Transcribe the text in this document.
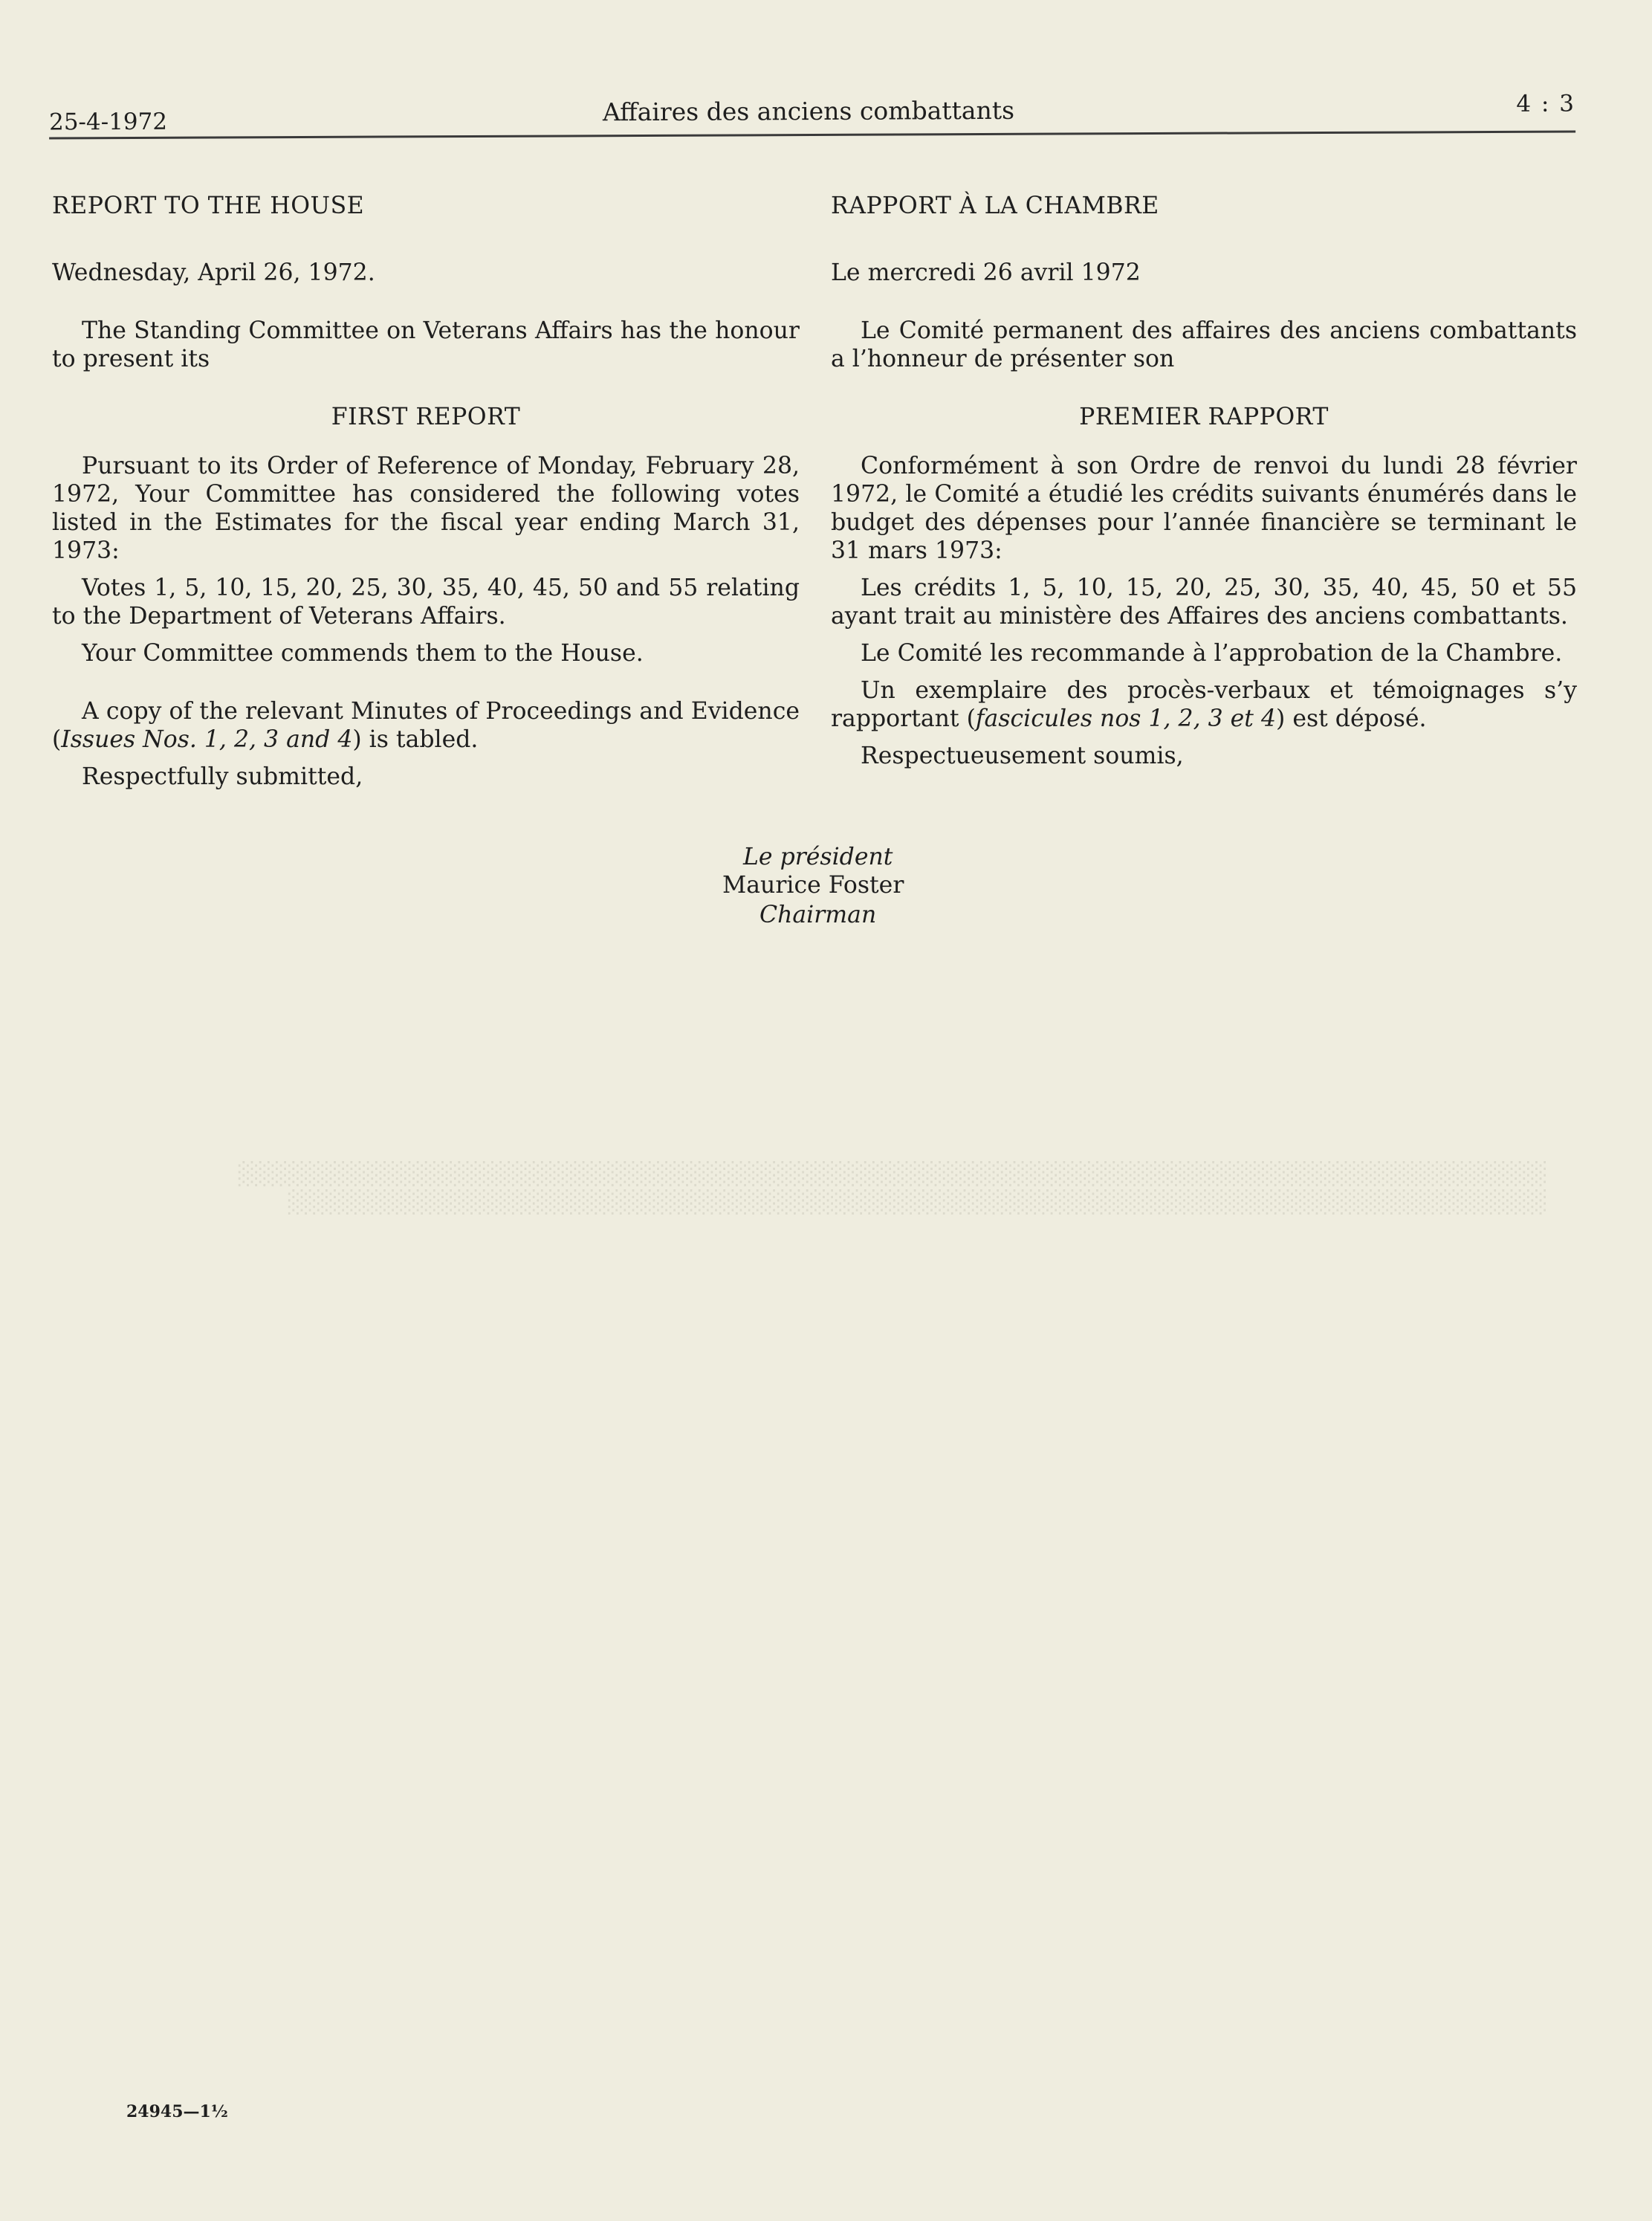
░░░░░░░░░░░░░░░░░░░░░░░░░░░░░░░░░░░░░░░░░░░░░░░░░░░░░░░░░░░░░░░░░░░░░░░░░░░░░░░
░░░░░░░░░░░░░░░░░░░░░░░░░░░░░░░░░░░░░░░░░░░░░░░░░░░░░░░░░░░░░░░░░░░░░░░░░░░░

25-4-1972	Affaires des anciens combattants	4 : 3

REPORT TO THE HOUSE

Wednesday, April 26, 1972.

The Standing Committee on Veterans Affairs has the honour to present its

FIRST REPORT

Pursuant to its Order of Reference of Monday, February 28, 1972, Your Committee has considered the following votes listed in the Estimates for the fiscal year ending March 31, 1973:

Votes 1, 5, 10, 15, 20, 25, 30, 35, 40, 45, 50 and 55 relating to the Department of Veterans Affairs.

Your Committee commends them to the House.

A copy of the relevant Minutes of Proceedings and Evidence (Issues Nos. 1, 2, 3 and 4) is tabled.

Respectfully submitted,

RAPPORT À LA CHAMBRE

Le mercredi 26 avril 1972

Le Comité permanent des affaires des anciens combattants a l’honneur de présenter son

PREMIER RAPPORT

Conformément à son Ordre de renvoi du lundi 28 février 1972, le Comité a étudié les crédits suivants énumérés dans le budget des dépenses pour l’année financière se terminant le 31 mars 1973:

Les crédits 1, 5, 10, 15, 20, 25, 30, 35, 40, 45, 50 et 55 ayant trait au ministère des Affaires des anciens combattants.

Le Comité les recommande à l’approbation de la Chambre.

Un exemplaire des procès-verbaux et témoignages s’y rapportant (fascicules nos 1, 2, 3 et 4) est déposé.

Respectueusement soumis,

Le président
Maurice Foster
Chairman
24945—1½
